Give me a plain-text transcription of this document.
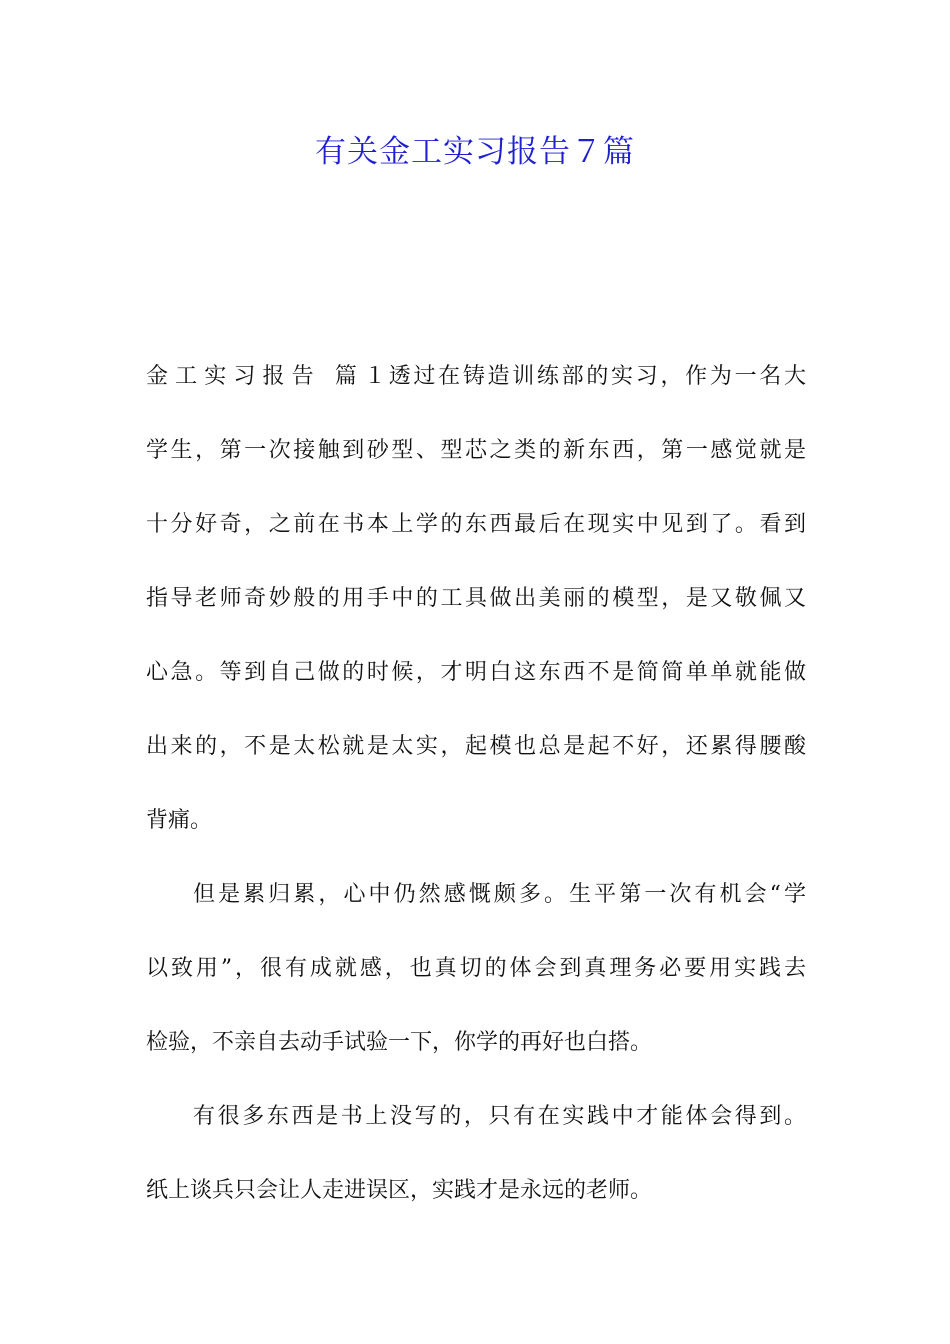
有关金工实习报告７篇
金工实习报告 篇１透过在铸造训练部的实习，作为一名大
学生，第一次接触到砂型、型芯之类的新东西，第一感觉就是
十分好奇，之前在书本上学的东西最后在现实中见到了。看到
指导老师奇妙般的用手中的工具做出美丽的模型，是又敬佩又
心急。等到自己做的时候，才明白这东西不是简简单单就能做
出来的，不是太松就是太实，起模也总是起不好，还累得腰酸
背痛。
但是累归累，心中仍然感慨颇多。生平第一次有机会“学
以致用”，很有成就感，也真切的体会到真理务必要用实践去
检验，不亲自去动手试验一下，你学的再好也白搭。
有很多东西是书上没写的，只有在实践中才能体会得到。
纸上谈兵只会让人走进误区，实践才是永远的老师。
